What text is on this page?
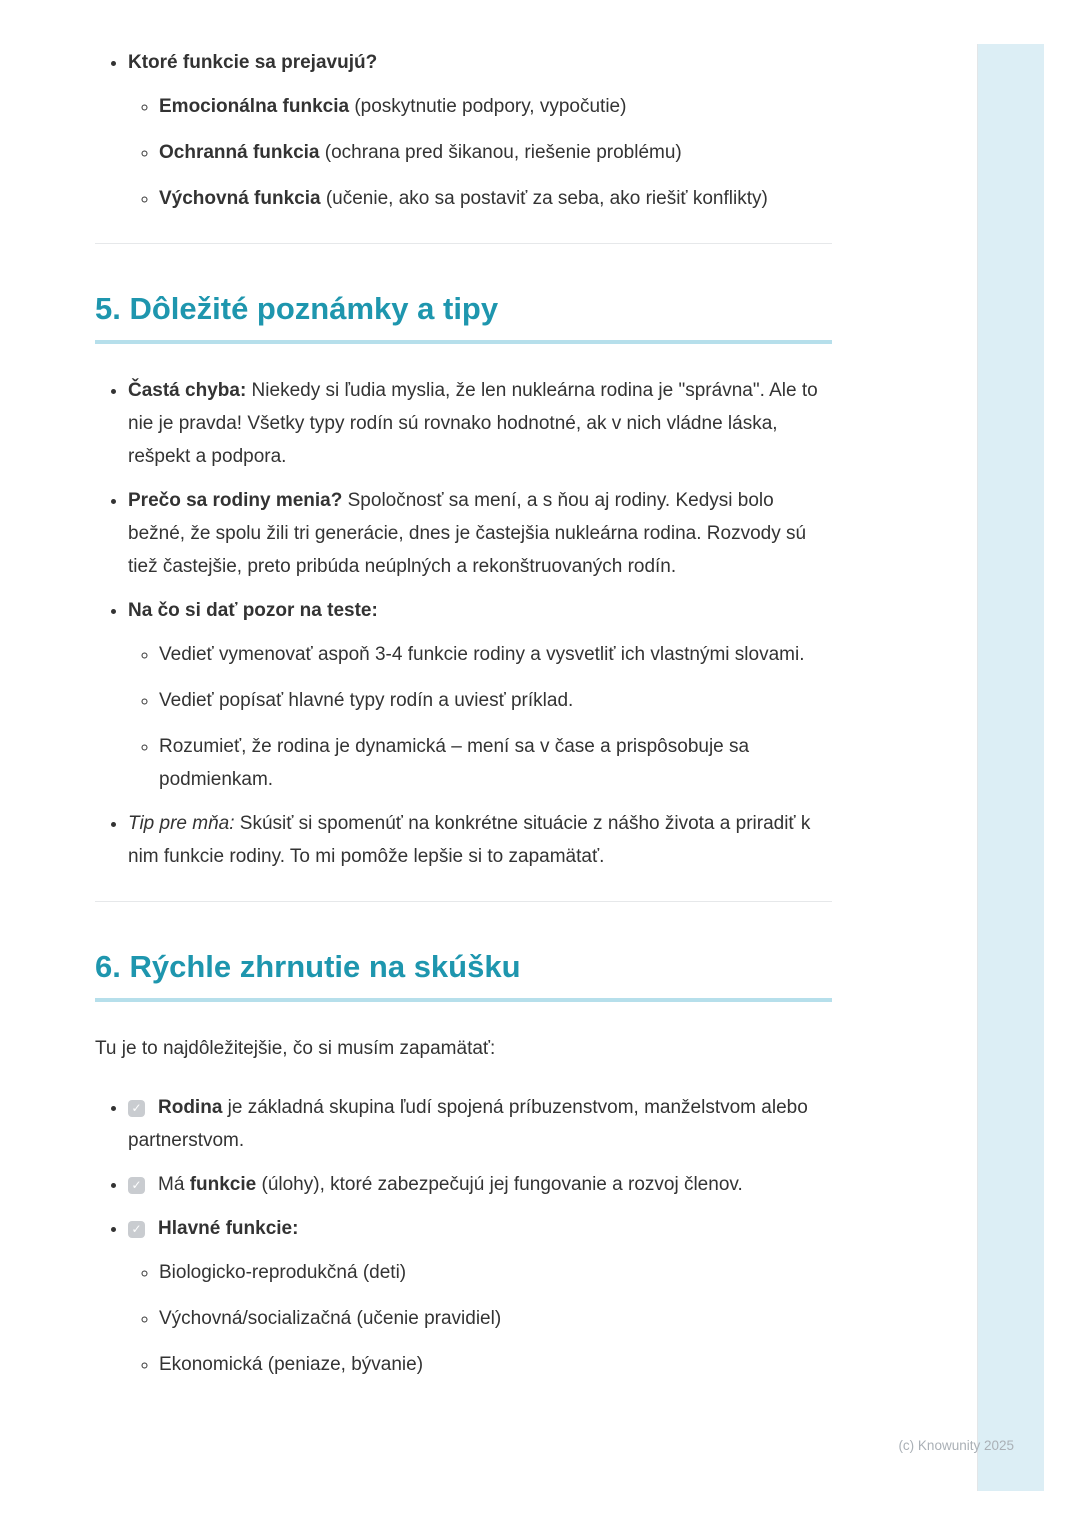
• Ktoré funkcie sa prejavujú?
◦ Emocionálna funkcia (poskytnutie podpory, vypočutie)
◦ Ochranná funkcia (ochrana pred šikanou, riešenie problému)
◦ Výchovná funkcia (učenie, ako sa postaviť za seba, ako riešiť konflikty)
5. Dôležité poznámky a tipy
• Častá chyba: Niekedy si ľudia myslia, že len nukleárna rodina je "správna". Ale to nie je pravda! Všetky typy rodín sú rovnako hodnotné, ak v nich vládne láska, rešpekt a podpora.
• Prečo sa rodiny menia? Spoločnosť sa mení, a s ňou aj rodiny. Kedysi bolo bežné, že spolu žili tri generácie, dnes je častejšia nukleárna rodina. Rozvody sú tiež častejšie, preto pribúda neúplných a rekonštruovaných rodín.
• Na čo si dať pozor na teste:
◦ Vedieť vymenovať aspoň 3-4 funkcie rodiny a vysvetliť ich vlastnými slovami.
◦ Vedieť popísať hlavné typy rodín a uviesť príklad.
◦ Rozumieť, že rodina je dynamická – mení sa v čase a prispôsobuje sa podmienkam.
• Tip pre mňa: Skúsiť si spomenúť na konkrétne situácie z nášho života a priradiť k nim funkcie rodiny. To mi pomôže lepšie si to zapamätať.
6. Rýchle zhrnutie na skúšku

Tu je to najdôležitejšie, čo si musím zapamätať:

• ✓ Rodina je základná skupina ľudí spojená príbuzenstvom, manželstvom alebo partnerstvom.
• ✓ Má funkcie (úlohy), ktoré zabezpečujú jej fungovanie a rozvoj členov.
• ✓ Hlavné funkcie:
◦ Biologicko-reprodukčná (deti)
◦ Výchovná/socializačná (učenie pravidiel)
◦ Ekonomická (peniaze, bývanie)
(c) Knowunity 2025
